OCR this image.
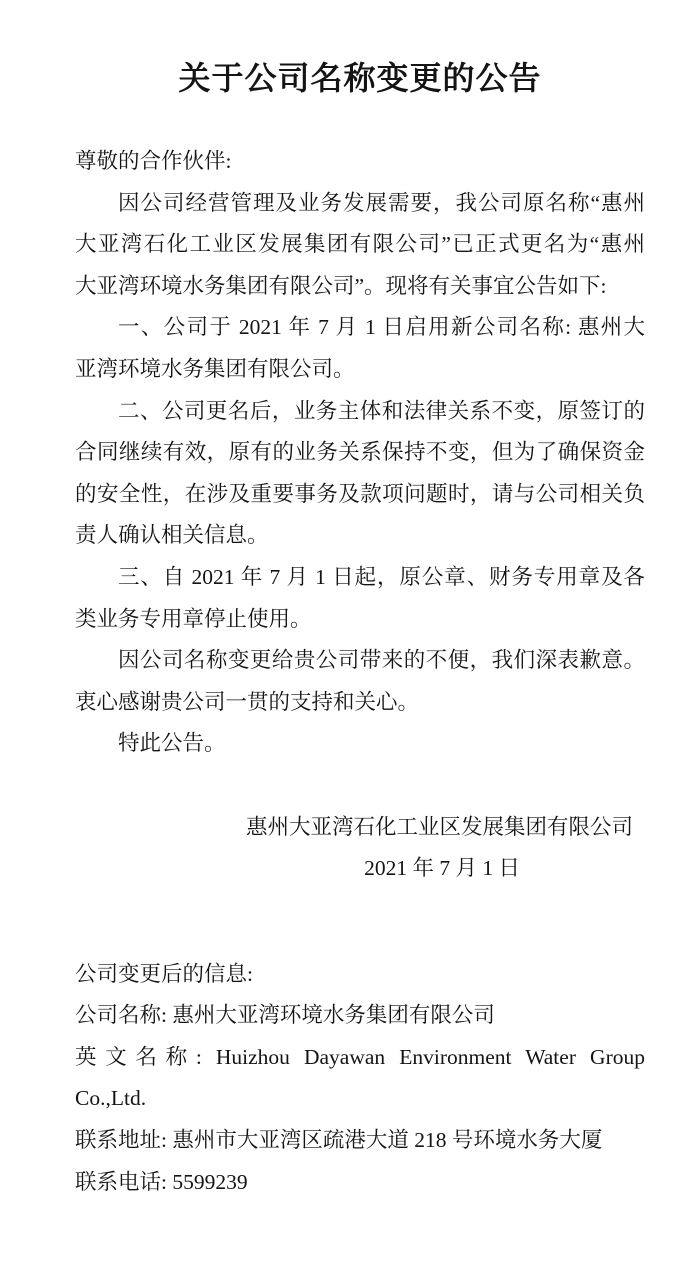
关于公司名称变更的公告
尊敬的合作伙伴:
因公司经营管理及业务发展需要，我公司原名称“惠州
大亚湾石化工业区发展集团有限公司”已正式更名为“惠州
大亚湾环境水务集团有限公司”。现将有关事宜公告如下:
一、公司于 2021 年 7 月 1 日启用新公司名称: 惠州大
亚湾环境水务集团有限公司。
二、公司更名后，业务主体和法律关系不变，原签订的
合同继续有效，原有的业务关系保持不变，但为了确保资金
的安全性，在涉及重要事务及款项问题时，请与公司相关负
责人确认相关信息。
三、自 2021 年 7 月 1 日起，原公章、财务专用章及各
类业务专用章停止使用。
因公司名称变更给贵公司带来的不便，我们深表歉意。
衷心感谢贵公司一贯的支持和关心。
特此公告。
惠州大亚湾石化工业区发展集团有限公司
2021 年 7 月 1 日
公司变更后的信息:
公司名称: 惠州大亚湾环境水务集团有限公司
英文名称: Huizhou Dayawan Environment Water Group
Co.,Ltd.
联系地址: 惠州市大亚湾区疏港大道 218 号环境水务大厦
联系电话: 5599239
